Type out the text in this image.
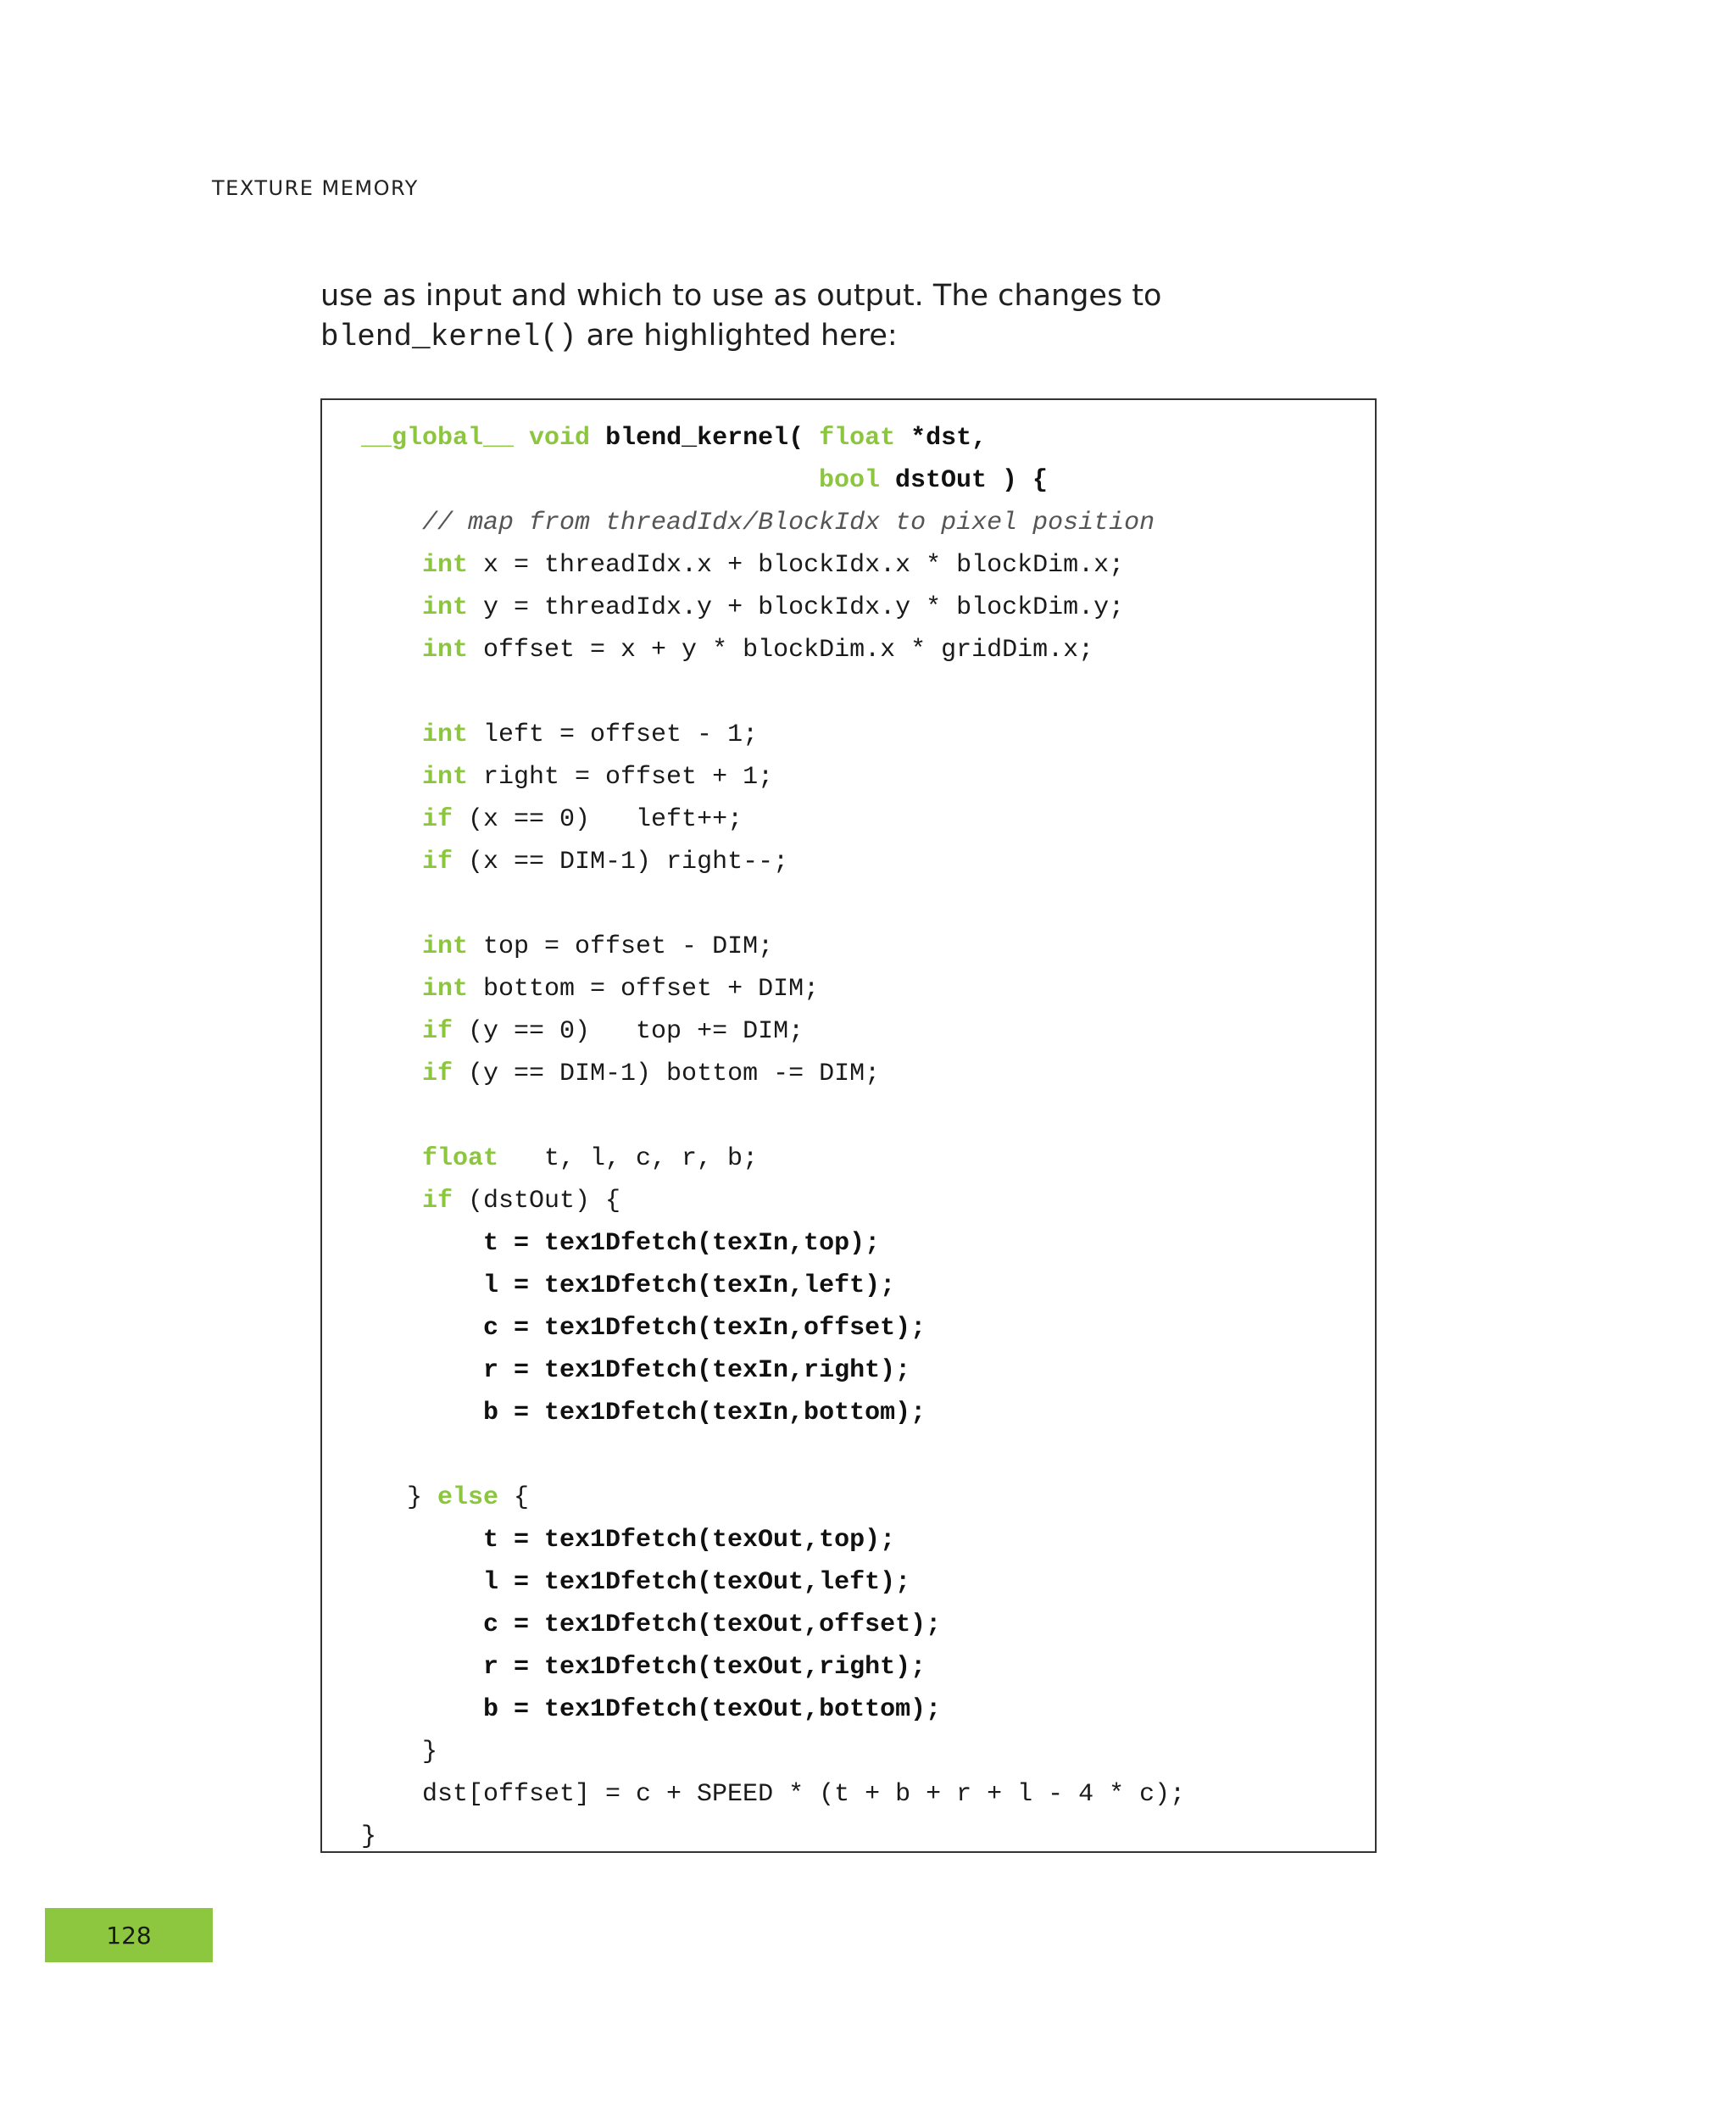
TEXTURE MEMORY
use as input and which to use as output. The changes to blend_kernel() are highlighted here:
__global__ void blend_kernel( float *dst,
bool dstOut ) {
// map from threadIdx/BlockIdx to pixel position
int x = threadIdx.x + blockIdx.x * blockDim.x;
int y = threadIdx.y + blockIdx.y * blockDim.y;
int offset = x + y * blockDim.x * gridDim.x;
int left = offset - 1;
int right = offset + 1;
if (x == 0)   left++;
if (x == DIM-1) right--;
int top = offset - DIM;
int bottom = offset + DIM;
if (y == 0)   top += DIM;
if (y == DIM-1) bottom -= DIM;
float   t, l, c, r, b;
if (dstOut) {
t = tex1Dfetch(texIn,top);
l = tex1Dfetch(texIn,left);
c = tex1Dfetch(texIn,offset);
r = tex1Dfetch(texIn,right);
b = tex1Dfetch(texIn,bottom);
} else {
t = tex1Dfetch(texOut,top);
l = tex1Dfetch(texOut,left);
c = tex1Dfetch(texOut,offset);
r = tex1Dfetch(texOut,right);
b = tex1Dfetch(texOut,bottom);
}
dst[offset] = c + SPEED * (t + b + r + l - 4 * c);
}
128
